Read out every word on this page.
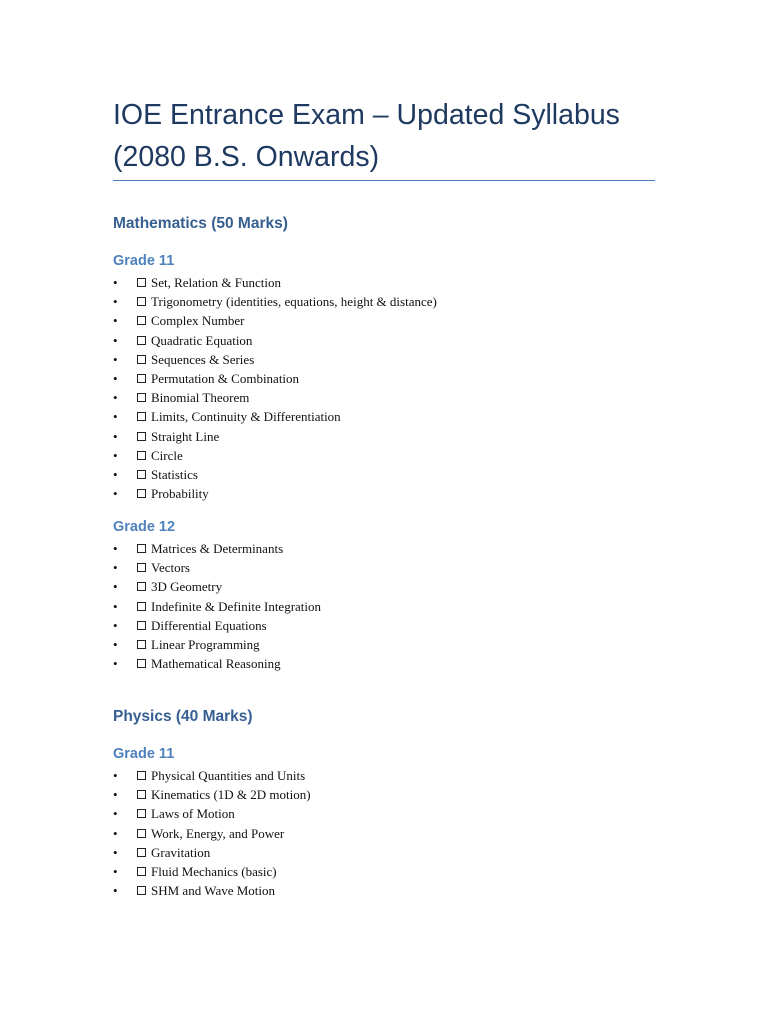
IOE Entrance Exam – Updated Syllabus (2080 B.S. Onwards)
Mathematics (50 Marks)
Grade 11
•	Set, Relation & Function
•	Trigonometry (identities, equations, height & distance)
•	Complex Number
•	Quadratic Equation
•	Sequences & Series
•	Permutation & Combination
•	Binomial Theorem
•	Limits, Continuity & Differentiation
•	Straight Line
•	Circle
•	Statistics
•	Probability
Grade 12
•	Matrices & Determinants
•	Vectors
•	3D Geometry
•	Indefinite & Definite Integration
•	Differential Equations
•	Linear Programming
•	Mathematical Reasoning
Physics (40 Marks)
Grade 11
•	Physical Quantities and Units
•	Kinematics (1D & 2D motion)
•	Laws of Motion
•	Work, Energy, and Power
•	Gravitation
•	Fluid Mechanics (basic)
•	SHM and Wave Motion
